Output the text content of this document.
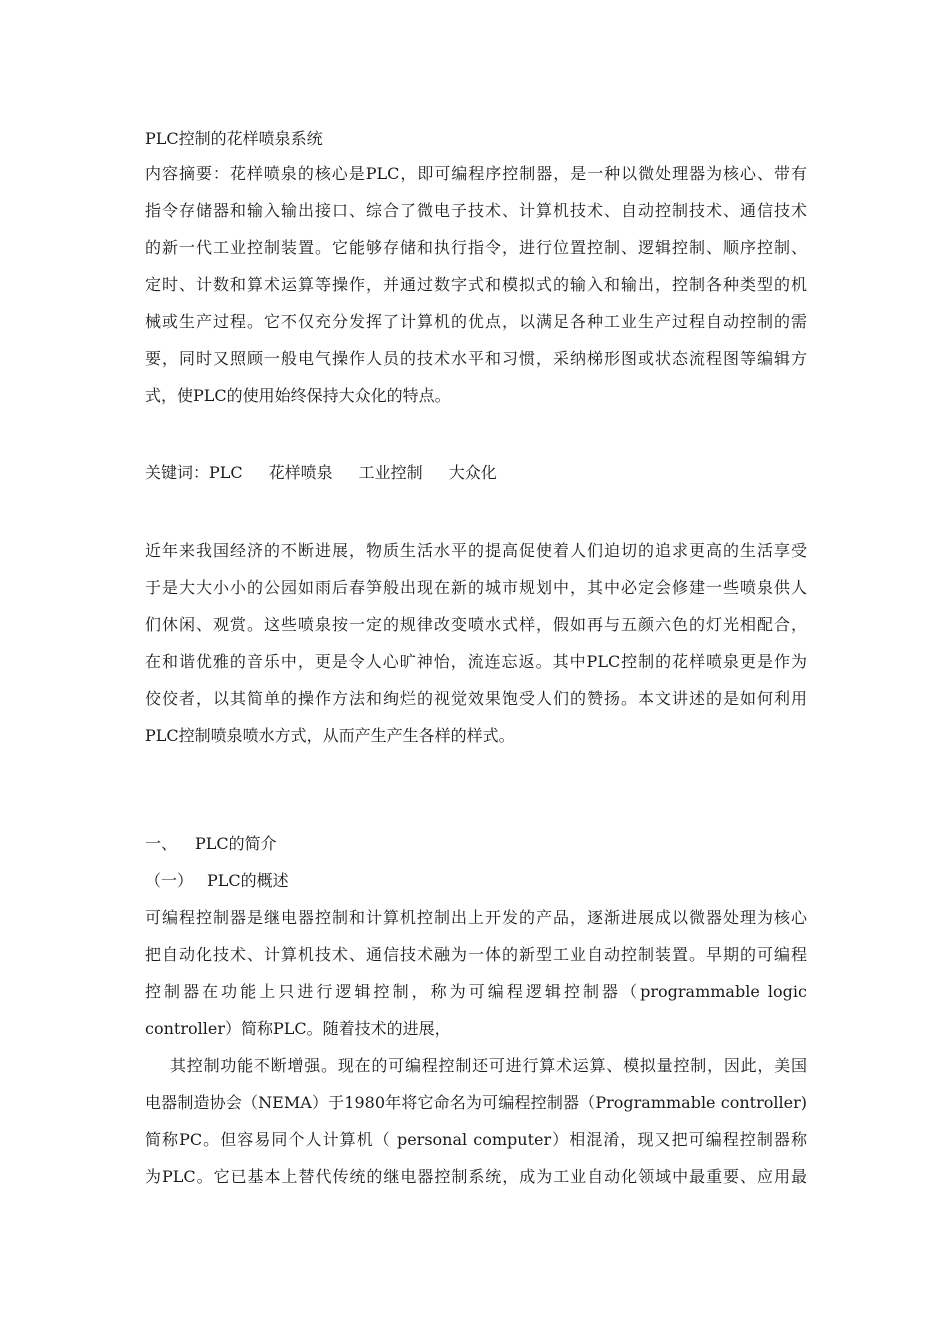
PLC控制的花样喷泉系统
内容摘要：花样喷泉的核心是PLC，即可编程序控制器，是一种以微处理器为核心、带有
指令存储器和输入输出接口、综合了微电子技术、计算机技术、自动控制技术、通信技术
的新一代工业控制装置。它能够存储和执行指令，进行位置控制、逻辑控制、顺序控制、
定时、计数和算术运算等操作，并通过数字式和模拟式的输入和输出，控制各种类型的机
械或生产过程。它不仅充分发挥了计算机的优点，以满足各种工业生产过程自动控制的需
要，同时又照顾一般电气操作人员的技术水平和习惯，采纳梯形图或状态流程图等编辑方
式，使PLC的使用始终保持大众化的特点。
关键词：PLC 花样喷泉 工业控制 大众化
近年来我国经济的不断进展，物质生活水平的提高促使着人们迫切的追求更高的生活享受
于是大大小小的公园如雨后春笋般出现在新的城市规划中，其中必定会修建一些喷泉供人
们休闲、观赏。这些喷泉按一定的规律改变喷水式样，假如再与五颜六色的灯光相配合，
在和谐优雅的音乐中，更是令人心旷神怡，流连忘返。其中PLC控制的花样喷泉更是作为
佼佼者，以其简单的操作方法和绚烂的视觉效果饱受人们的赞扬。本文讲述的是如何利用
PLC控制喷泉喷水方式，从而产生产生各样的样式。
一、 PLC的简介
（一） PLC的概述
可编程控制器是继电器控制和计算机控制出上开发的产品，逐渐进展成以微器处理为核心
把自动化技术、计算机技术、通信技术融为一体的新型工业自动控制装置。早期的可编程
控制器在功能上只进行逻辑控制，称为可编程逻辑控制器（programmable logic
controller）简称PLC。随着技术的进展，
其控制功能不断增强。现在的可编程控制还可进行算术运算、模拟量控制，因此，美国
电器制造协会（NEMA）于1980年将它命名为可编程控制器（Programmable controller)
简称PC。但容易同个人计算机（ personal computer）相混淆，现又把可编程控制器称
为PLC。它已基本上替代传统的继电器控制系统，成为工业自动化领域中最重要、应用最
